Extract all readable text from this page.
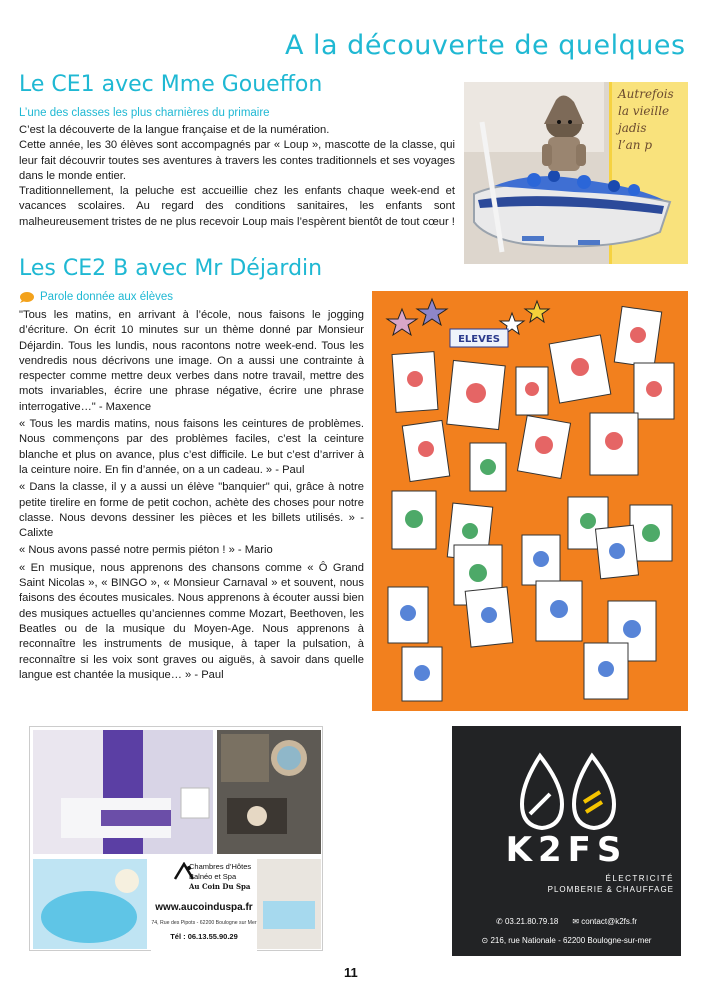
A la découverte de quelques
Le CE1 avec Mme Goueffon
L’une des classes les plus charnières du primaire

C’est la découverte de la langue française et de la numération.

Cette année, les 30 élèves sont accompagnés par « Loup », mascotte de la classe, qui leur fait découvrir toutes ses aventures à travers les contes traditionnels et ses voyages dans le monde entier.

Traditionnellement, la peluche est accueillie chez les enfants chaque week-end et vacances scolaires. Au regard des conditions sanitaires, les enfants sont malheureusement tristes de ne plus recevoir Loup mais l’espèrent bientôt de tout cœur !

Autrefois
la vieille
jadis
l’an p
Les CE2 B avec Mr Déjardin
Parole donnée aux élèves

"Tous les matins, en arrivant à l’école, nous faisons le jogging d’écriture. On écrit 10 minutes sur un thème donné par Monsieur Déjardin. Tous les lundis, nous racontons notre week-end. Tous les vendredis nous décrivons une image. On a aussi une contrainte à respecter comme mettre deux verbes dans notre travail, mettre des mots invariables, écrire une phrase négative, écrire une phrase interrogative…" - Maxence

« Tous les mardis matins, nous faisons les ceintures de problèmes. Nous commençons par des problèmes faciles, c’est la ceinture blanche et plus on avance, plus c’est difficile. Le but c’est d’arriver à la ceinture noire. En fin d’année, on a un cadeau. » - Paul

« Dans la classe, il y a aussi un élève "banquier" qui, grâce à notre petite tirelire en forme de petit cochon, achète des choses pour notre classe. Nous devons dessiner les pièces et les billets utilisés. » - Calixte

« Nous avons passé notre permis piéton ! » - Mario

« En musique, nous apprenons des chansons comme « Ô Grand Saint Nicolas », « BINGO », « Monsieur Carnaval » et souvent, nous faisons des écoutes musicales. Nous apprenons à écouter aussi bien des musiques actuelles qu’anciennes comme Mozart, Beethoven, les Beatles ou de la musique du Moyen-Age. Nous apprenons à reconnaître les instruments de musique, à taper la pulsation, à reconnaître si les voix sont graves ou aiguës, à savoir dans quelle langue est chantée la musique… » - Paul

ELEVES
Chambres d’Hôtes
Balnéo et Spa
Au Coin Du Spa
www.aucoinduspa.fr
74, Rue des Pipots - 62200 Boulogne sur Mer
Tél : 06.13.55.90.29
K2FS
ÉLECTRICITÉ
PLOMBERIE & CHAUFFAGE
✆ 03.21.80.79.18 ✉ contact@k2fs.fr
⊙ 216, rue Nationale - 62200 Boulogne-sur-mer
11
